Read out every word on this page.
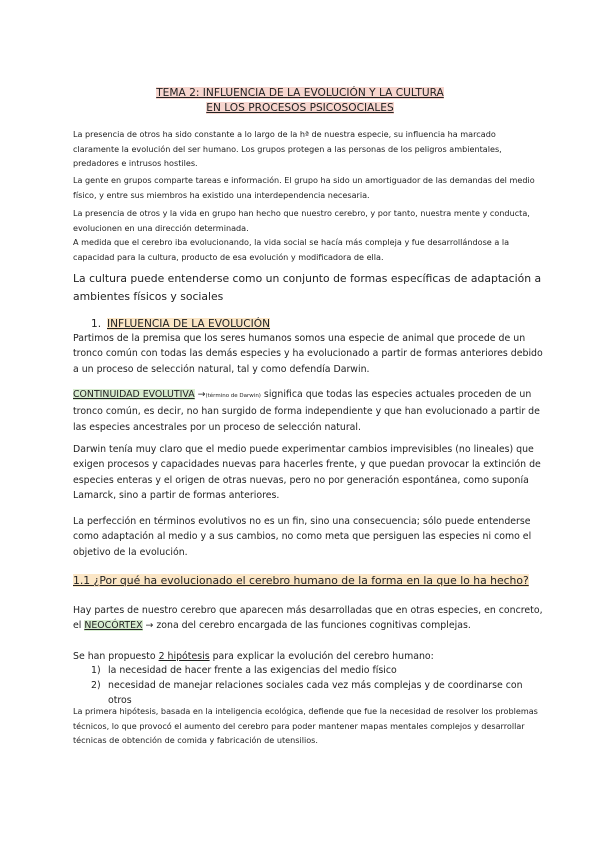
TEMA 2: INFLUENCIA DE LA EVOLUCIÓN Y LA CULTURA
EN LOS PROCESOS PSICOSOCIALES
La presencia de otros ha sido constante a lo largo de la hª de nuestra especie, su influencia ha marcado claramente la evolución del ser humano. Los grupos protegen a las personas de los peligros ambientales, predadores e intrusos hostiles.
La gente en grupos comparte tareas e información. El grupo ha sido un amortiguador de las demandas del medio físico, y entre sus miembros ha existido una interdependencia necesaria.
La presencia de otros y la vida en grupo han hecho que nuestro cerebro, y por tanto, nuestra mente y conducta, evolucionen en una dirección determinada.
A medida que el cerebro iba evolucionando, la vida social se hacía más compleja y fue desarrollándose a la capacidad para la cultura, producto de esa evolución y modificadora de ella.
La cultura puede entenderse como un conjunto de formas específicas de adaptación a ambientes físicos y sociales
1. INFLUENCIA DE LA EVOLUCIÓN
Partimos de la premisa que los seres humanos somos una especie de animal que procede de un tronco común con todas las demás especies y ha evolucionado a partir de formas anteriores debido a un proceso de selección natural, tal y como defendía Darwin.
CONTINUIDAD EVOLUTIVA →(término de Darwin) significa que todas las especies actuales proceden de un tronco común, es decir, no han surgido de forma independiente y que han evolucionado a partir de las especies ancestrales por un proceso de selección natural.
Darwin tenía muy claro que el medio puede experimentar cambios imprevisibles (no lineales) que exigen procesos y capacidades nuevas para hacerles frente, y que puedan provocar la extinción de especies enteras y el origen de otras nuevas, pero no por generación espontánea, como suponía Lamarck, sino a partir de formas anteriores.
La perfección en términos evolutivos no es un fin, sino una consecuencia; sólo puede entenderse como adaptación al medio y a sus cambios, no como meta que persiguen las especies ni como el objetivo de la evolución.
1.1 ¿Por qué ha evolucionado el cerebro humano de la forma en la que lo ha hecho?
Hay partes de nuestro cerebro que aparecen más desarrolladas que en otras especies, en concreto, el NEOCÓRTEX → zona del cerebro encargada de las funciones cognitivas complejas.
Se han propuesto 2 hipótesis para explicar la evolución del cerebro humano:
1) la necesidad de hacer frente a las exigencias del medio físico
2) necesidad de manejar relaciones sociales cada vez más complejas y de coordinarse con otros
La primera hipótesis, basada en la inteligencia ecológica, defiende que fue la necesidad de resolver los problemas técnicos, lo que provocó el aumento del cerebro para poder mantener mapas mentales complejos y desarrollar técnicas de obtención de comida y fabricación de utensilios.
